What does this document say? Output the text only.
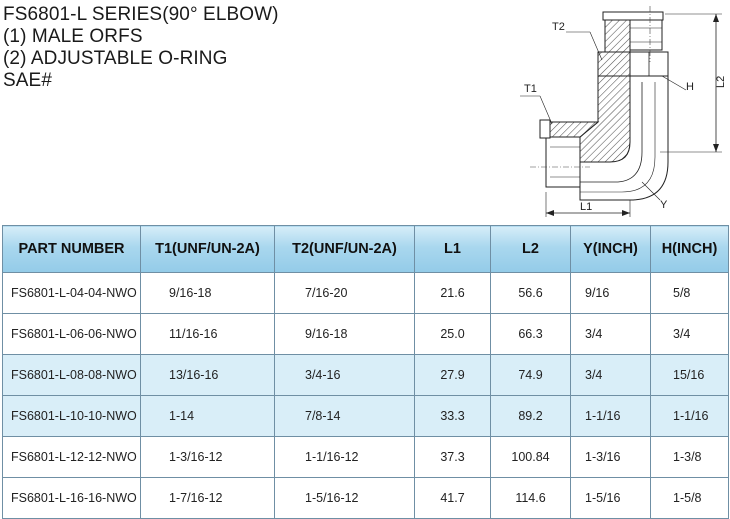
FS6801-L SERIES(90° ELBOW)
(1) MALE ORFS
(2) ADJUSTABLE O-RING
SAE#	L2
L1
T2
T1	H
Y
PART NUMBER	T1(UNF/UN-2A)	T2(UNF/UN-2A)	L1	L2	Y(INCH)	H(INCH)
FS6801-L-04-04-NWO	9/16-18	7/16-20	21.6	56.6	9/16	5/8
FS6801-L-06-06-NWO	11/16-16	9/16-18	25.0	66.3	3/4	3/4
FS6801-L-08-08-NWO	13/16-16	3/4-16	27.9	74.9	3/4	15/16
FS6801-L-10-10-NWO	1-14	7/8-14	33.3	89.2	1-1/16	1-1/16
FS6801-L-12-12-NWO	1-3/16-12	1-1/16-12	37.3	100.84	1-3/16	1-3/8
FS6801-L-16-16-NWO	1-7/16-12	1-5/16-12	41.7	114.6	1-5/16	1-5/8
